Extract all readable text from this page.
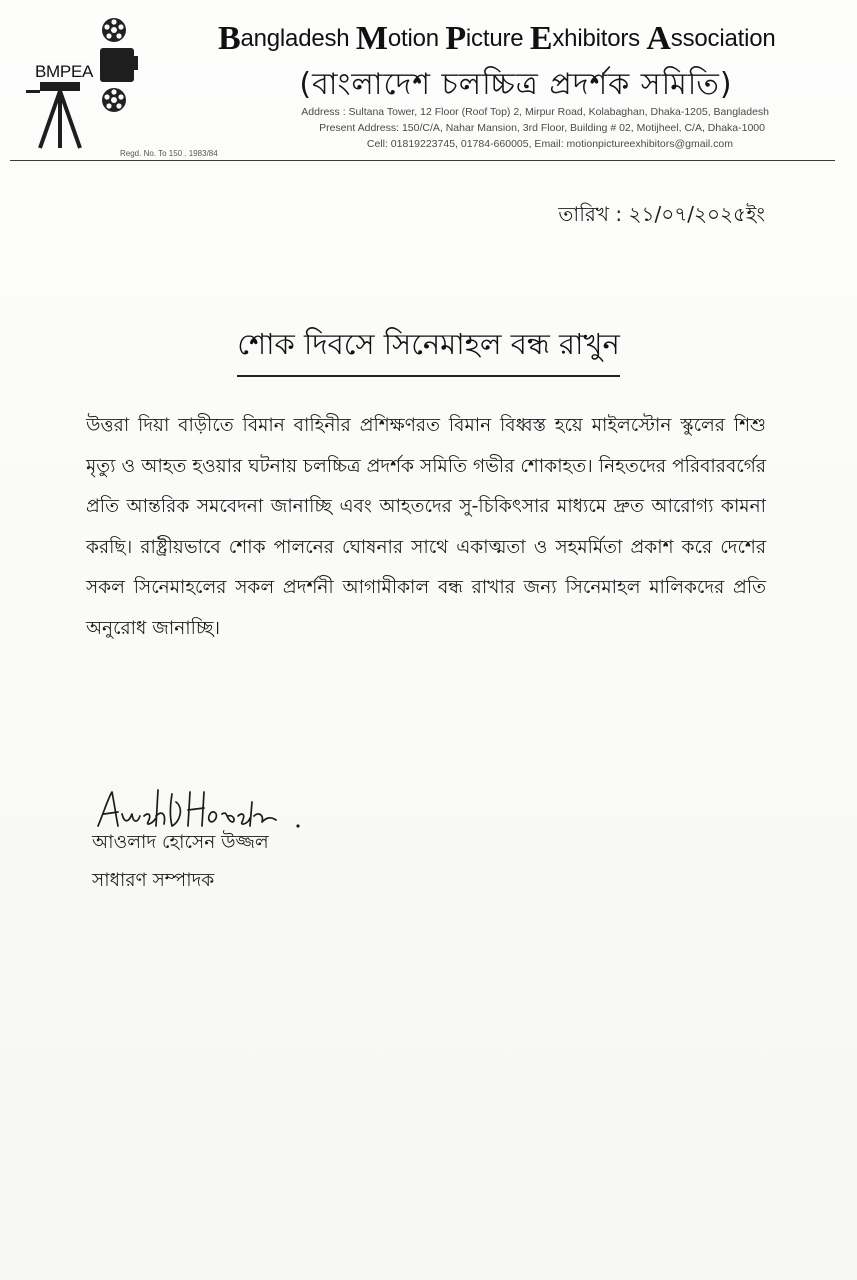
BMPEA
Regd. No. To 150 . 1983/84
Bangladesh Motion Picture Exhibitors Association
(বাংলাদেশ চলচ্চিত্র প্রদর্শক সমিতি)
Address : Sultana Tower, 12 Floor (Roof Top) 2, Mirpur Road, Kolabaghan, Dhaka-1205, Bangladesh
Present Address: 150/C/A, Nahar Mansion, 3rd Floor, Building # 02, Motijheel, C/A, Dhaka-1000
Cell: 01819223745, 01784-660005, Email: motionpictureexhibitors@gmail.com
তারিখ : ২১/০৭/২০২৫ইং
শোক দিবসে সিনেমাহল বন্ধ রাখুন
উত্তরা দিয়া বাড়ীতে বিমান বাহিনীর প্রশিক্ষণরত বিমান বিধ্বস্ত হয়ে মাইলস্টোন স্কুলের শিশু মৃত্যু ও আহত হওয়ার ঘটনায় চলচ্চিত্র প্রদর্শক সমিতি গভীর শোকাহত। নিহতদের পরিবারবর্গের প্রতি আন্তরিক সমবেদনা জানাচ্ছি এবং আহতদের সু-চিকিৎসার মাধ্যমে দ্রুত আরোগ্য কামনা করছি। রাষ্ট্রীয়ভাবে শোক পালনের ঘোষনার সাথে একাত্মতা ও সহমর্মিতা প্রকাশ করে দেশের সকল সিনেমাহলের সকল প্রদর্শনী আগামীকাল বন্ধ রাখার জন্য সিনেমাহল মালিকদের প্রতি অনুরোধ জানাচ্ছি।
আওলাদ হোসেন উজ্জল
সাধারণ সম্পাদক
